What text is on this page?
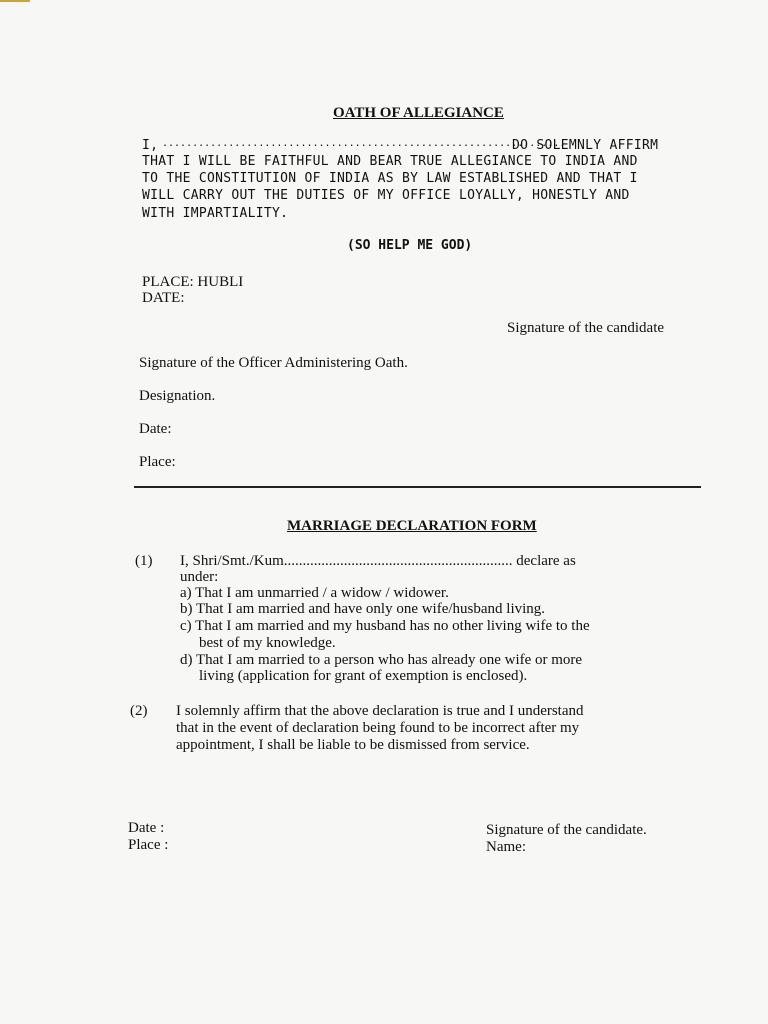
OATH OF ALLEGIANCE
I, ...................................................................
DO SOLEMNLY AFFIRM
THAT I WILL BE FAITHFUL AND BEAR TRUE ALLEGIANCE TO INDIA AND
TO THE CONSTITUTION OF INDIA AS BY LAW ESTABLISHED AND THAT I
WILL CARRY OUT THE DUTIES OF MY OFFICE LOYALLY, HONESTLY AND
WITH IMPARTIALITY.
(SO HELP ME GOD)
PLACE: HUBLI
DATE:
Signature of the candidate
Signature of the Officer Administering Oath.
Designation.
Date:
Place:
MARRIAGE DECLARATION FORM
(1) I, Shri/Smt./Kum............................................................. declare as
under:
a) That I am unmarried / a widow / widower.
b) That I am married and have only one wife/husband living.
c) That I am married and my husband has no other living wife to the
best of my knowledge.
d) That I am married to a person who has already one wife or more
living (application for grant of exemption is enclosed).
(2) I solemnly affirm that the above declaration is true and I understand
that in the event of declaration being found to be incorrect after my
appointment, I shall be liable to be dismissed from service.
Date :
Place :
Signature of the candidate.
Name:
